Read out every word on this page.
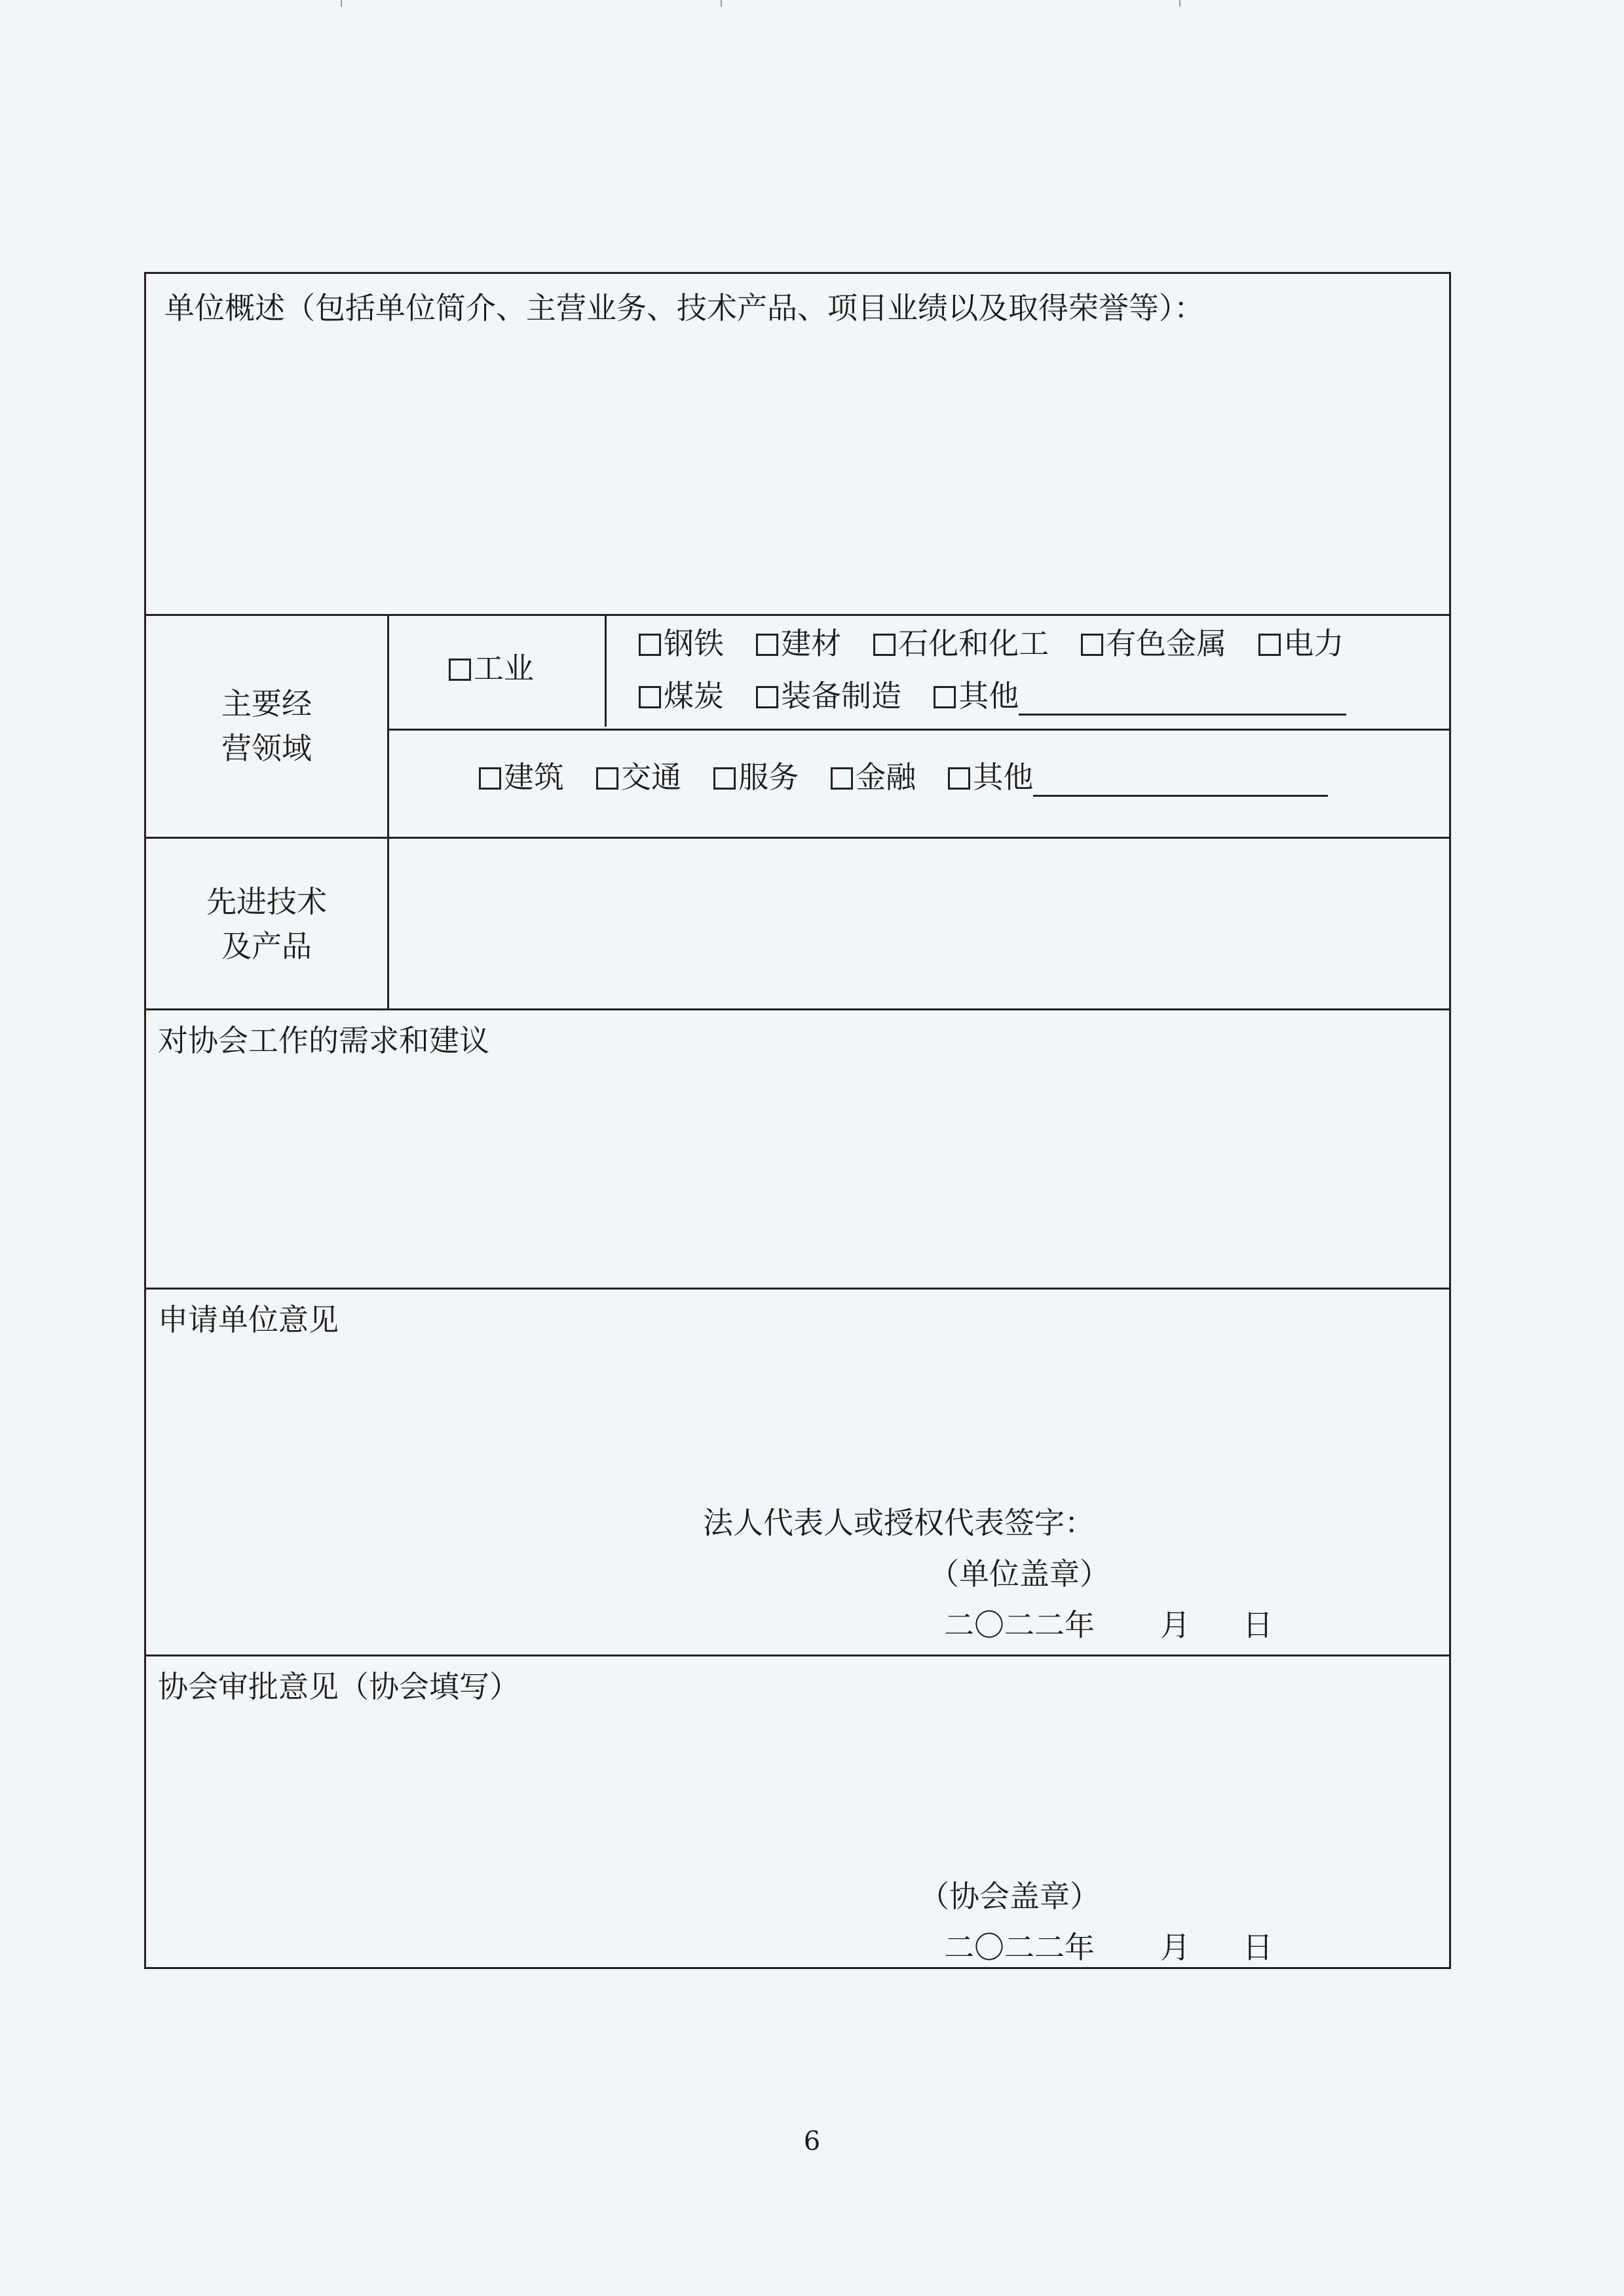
单位概述（包括单位简介、主营业务、技术产品、项目业绩以及取得荣誉等）：
主要经
营领域
工业
钢铁 建材 石化和化工 有色金属 电力
煤炭 装备制造 其他
建筑 交通 服务 金融 其他
先进技术
及产品
对协会工作的需求和建议
申请单位意见
法人代表人或授权代表签字：
（单位盖章）
二〇二二年 月 日
协会审批意见（协会填写）
（协会盖章）
二〇二二年 月 日
6
